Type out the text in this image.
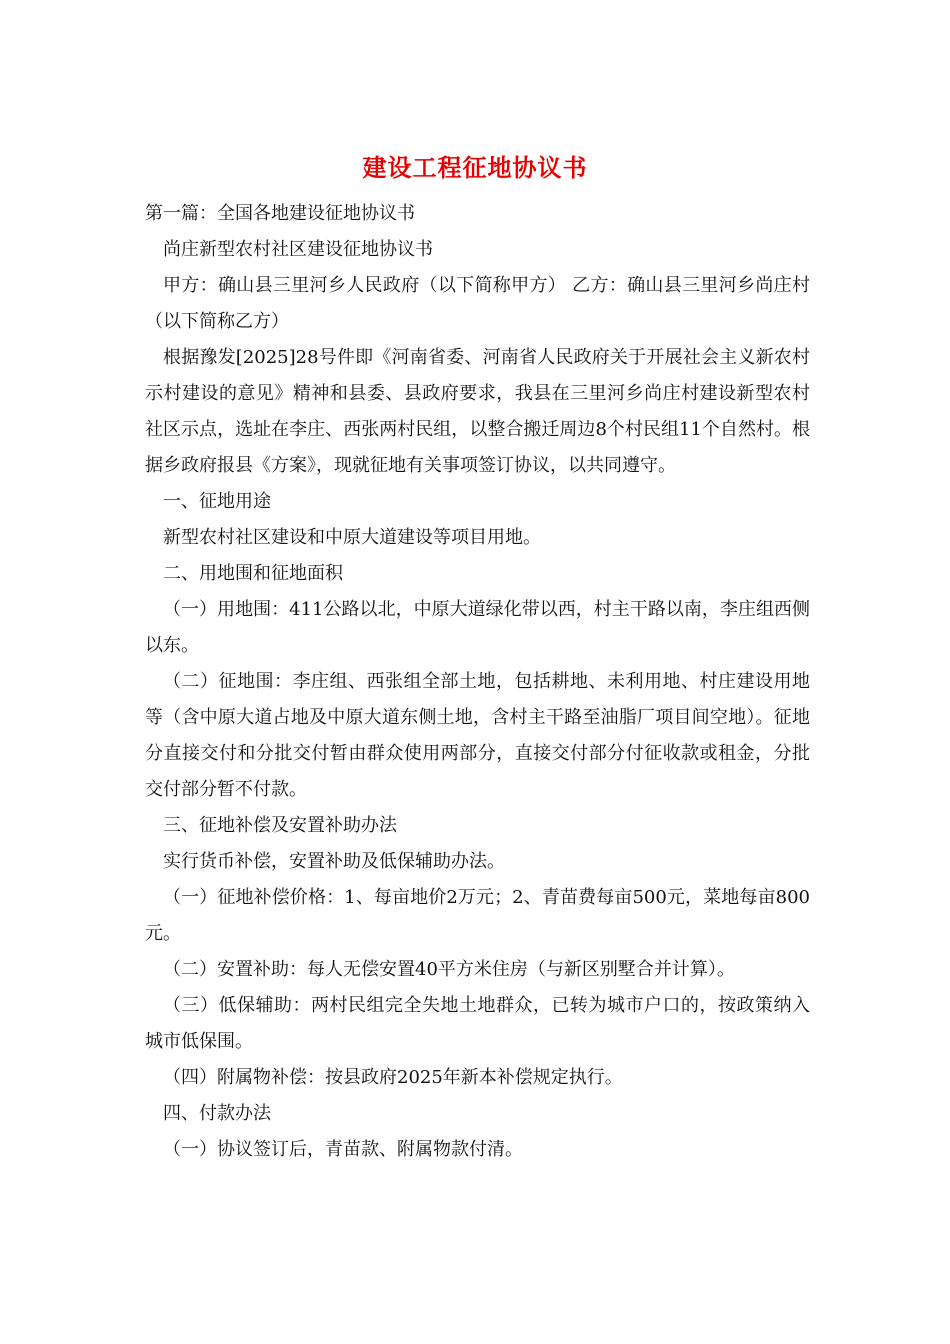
建设工程征地协议书

第一篇：全国各地建设征地协议书

尚庄新型农村社区建设征地协议书

甲方：确山县三里河乡人民政府（以下简称甲方） 乙方：确山县三里河乡尚庄村（以下简称乙方）

根据豫发[2025]28号件即《河南省委、河南省人民政府关于开展社会主义新农村示村建设的意见》精神和县委、县政府要求，我县在三里河乡尚庄村建设新型农村社区示点，选址在李庄、西张两村民组，以整合搬迁周边8个村民组11个自然村。根据乡政府报县《方案》，现就征地有关事项签订协议，以共同遵守。

一、征地用途

新型农村社区建设和中原大道建设等项目用地。

二、用地围和征地面积

（一）用地围：411公路以北，中原大道绿化带以西，村主干路以南，李庄组西侧以东。

（二）征地围：李庄组、西张组全部土地，包括耕地、未利用地、村庄建设用地等（含中原大道占地及中原大道东侧土地，含村主干路至油脂厂项目间空地）。征地分直接交付和分批交付暂由群众使用两部分，直接交付部分付征收款或租金，分批交付部分暂不付款。

三、征地补偿及安置补助办法

实行货币补偿，安置补助及低保辅助办法。

（一）征地补偿价格：1、每亩地价2万元；2、青苗费每亩500元，菜地每亩800元。

（二）安置补助：每人无偿安置40平方米住房（与新区别墅合并计算）。

（三）低保辅助：两村民组完全失地土地群众，已转为城市户口的，按政策纳入城市低保围。

（四）附属物补偿：按县政府2025年新本补偿规定执行。

四、付款办法

（一）协议签订后，青苗款、附属物款付清。
